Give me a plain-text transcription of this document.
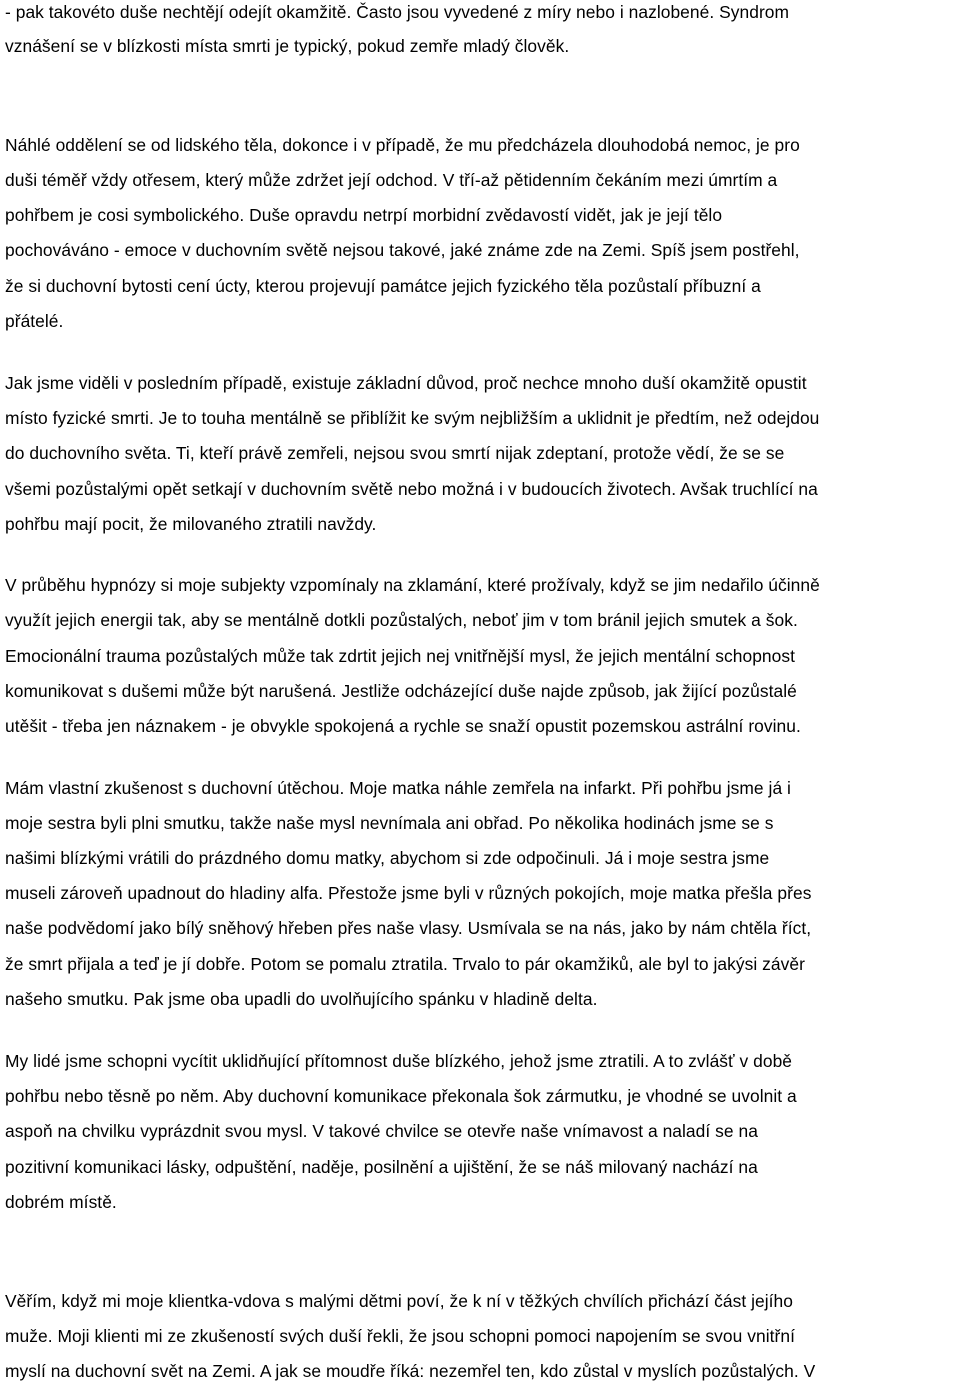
- pak takovéto duše nechtějí odejít okamžitě. Často jsou vyvedené z míry nebo i nazlobené. Syndrom
vznášení se v blízkosti místa smrti je typický, pokud zemře mladý člověk.
Náhlé oddělení se od lidského těla, dokonce i v případě, že mu předcházela dlouhodobá nemoc, je pro
duši téměř vždy otřesem, který může zdržet její odchod. V tří-až pětidenním čekáním mezi úmrtím a
pohřbem je cosi symbolického. Duše opravdu netrpí morbidní zvědavostí vidět, jak je její tělo
pochováváno - emoce v duchovním světě nejsou takové, jaké známe zde na Zemi. Spíš jsem postřehl,
že si duchovní bytosti cení úcty, kterou projevují památce jejich fyzického těla pozůstalí příbuzní a
přátelé.
Jak jsme viděli v posledním případě, existuje základní důvod, proč nechce mnoho duší okamžitě opustit
místo fyzické smrti. Je to touha mentálně se přiblížit ke svým nejbližším a uklidnit je předtím, než odejdou
do duchovního světa. Ti, kteří právě zemřeli, nejsou svou smrtí nijak zdeptaní, protože vědí, že se se
všemi pozůstalými opět setkají v duchovním světě nebo možná i v budoucích životech. Avšak truchlící na
pohřbu mají pocit, že milovaného ztratili navždy.
V průběhu hypnózy si moje subjekty vzpomínaly na zklamání, které prožívaly, když se jim nedařilo účinně
využít jejich energii tak, aby se mentálně dotkli pozůstalých, neboť jim v tom bránil jejich smutek a šok.
Emocionální trauma pozůstalých může tak zdrtit jejich nej vnitřnější mysl, že jejich mentální schopnost
komunikovat s dušemi může být narušená. Jestliže odcházející duše najde způsob, jak žijící pozůstalé
utěšit - třeba jen náznakem - je obvykle spokojená a rychle se snaží opustit pozemskou astrální rovinu.
Mám vlastní zkušenost s duchovní útěchou. Moje matka náhle zemřela na infarkt. Při pohřbu jsme já i
moje sestra byli plni smutku, takže naše mysl nevnímala ani obřad. Po několika hodinách jsme se s
našimi blízkými vrátili do prázdného domu matky, abychom si zde odpočinuli. Já i moje sestra jsme
museli zároveň upadnout do hladiny alfa. Přestože jsme byli v různých pokojích, moje matka přešla přes
naše podvědomí jako bílý sněhový hřeben přes naše vlasy. Usmívala se na nás, jako by nám chtěla říct,
že smrt přijala a teď je jí dobře. Potom se pomalu ztratila. Trvalo to pár okamžiků, ale byl to jakýsi závěr
našeho smutku. Pak jsme oba upadli do uvolňujícího spánku v hladině delta.
My lidé jsme schopni vycítit uklidňující přítomnost duše blízkého, jehož jsme ztratili. A to zvlášť v době
pohřbu nebo těsně po něm. Aby duchovní komunikace překonala šok zármutku, je vhodné se uvolnit a
aspoň na chvilku vyprázdnit svou mysl. V takové chvilce se otevře naše vnímavost a naladí se na
pozitivní komunikaci lásky, odpuštění, naděje, posilnění a ujištění, že se náš milovaný nachází na
dobrém místě.
Věřím, když mi moje klientka-vdova s malými dětmi poví, že k ní v těžkých chvílích přichází část jejího
muže. Moji klienti mi ze zkušeností svých duší řekli, že jsou schopni pomoci napojením se svou vnitřní
myslí na duchovní svět na Zemi. A jak se moudře říká: nezemřel ten, kdo zůstal v myslích pozůstalých. V
